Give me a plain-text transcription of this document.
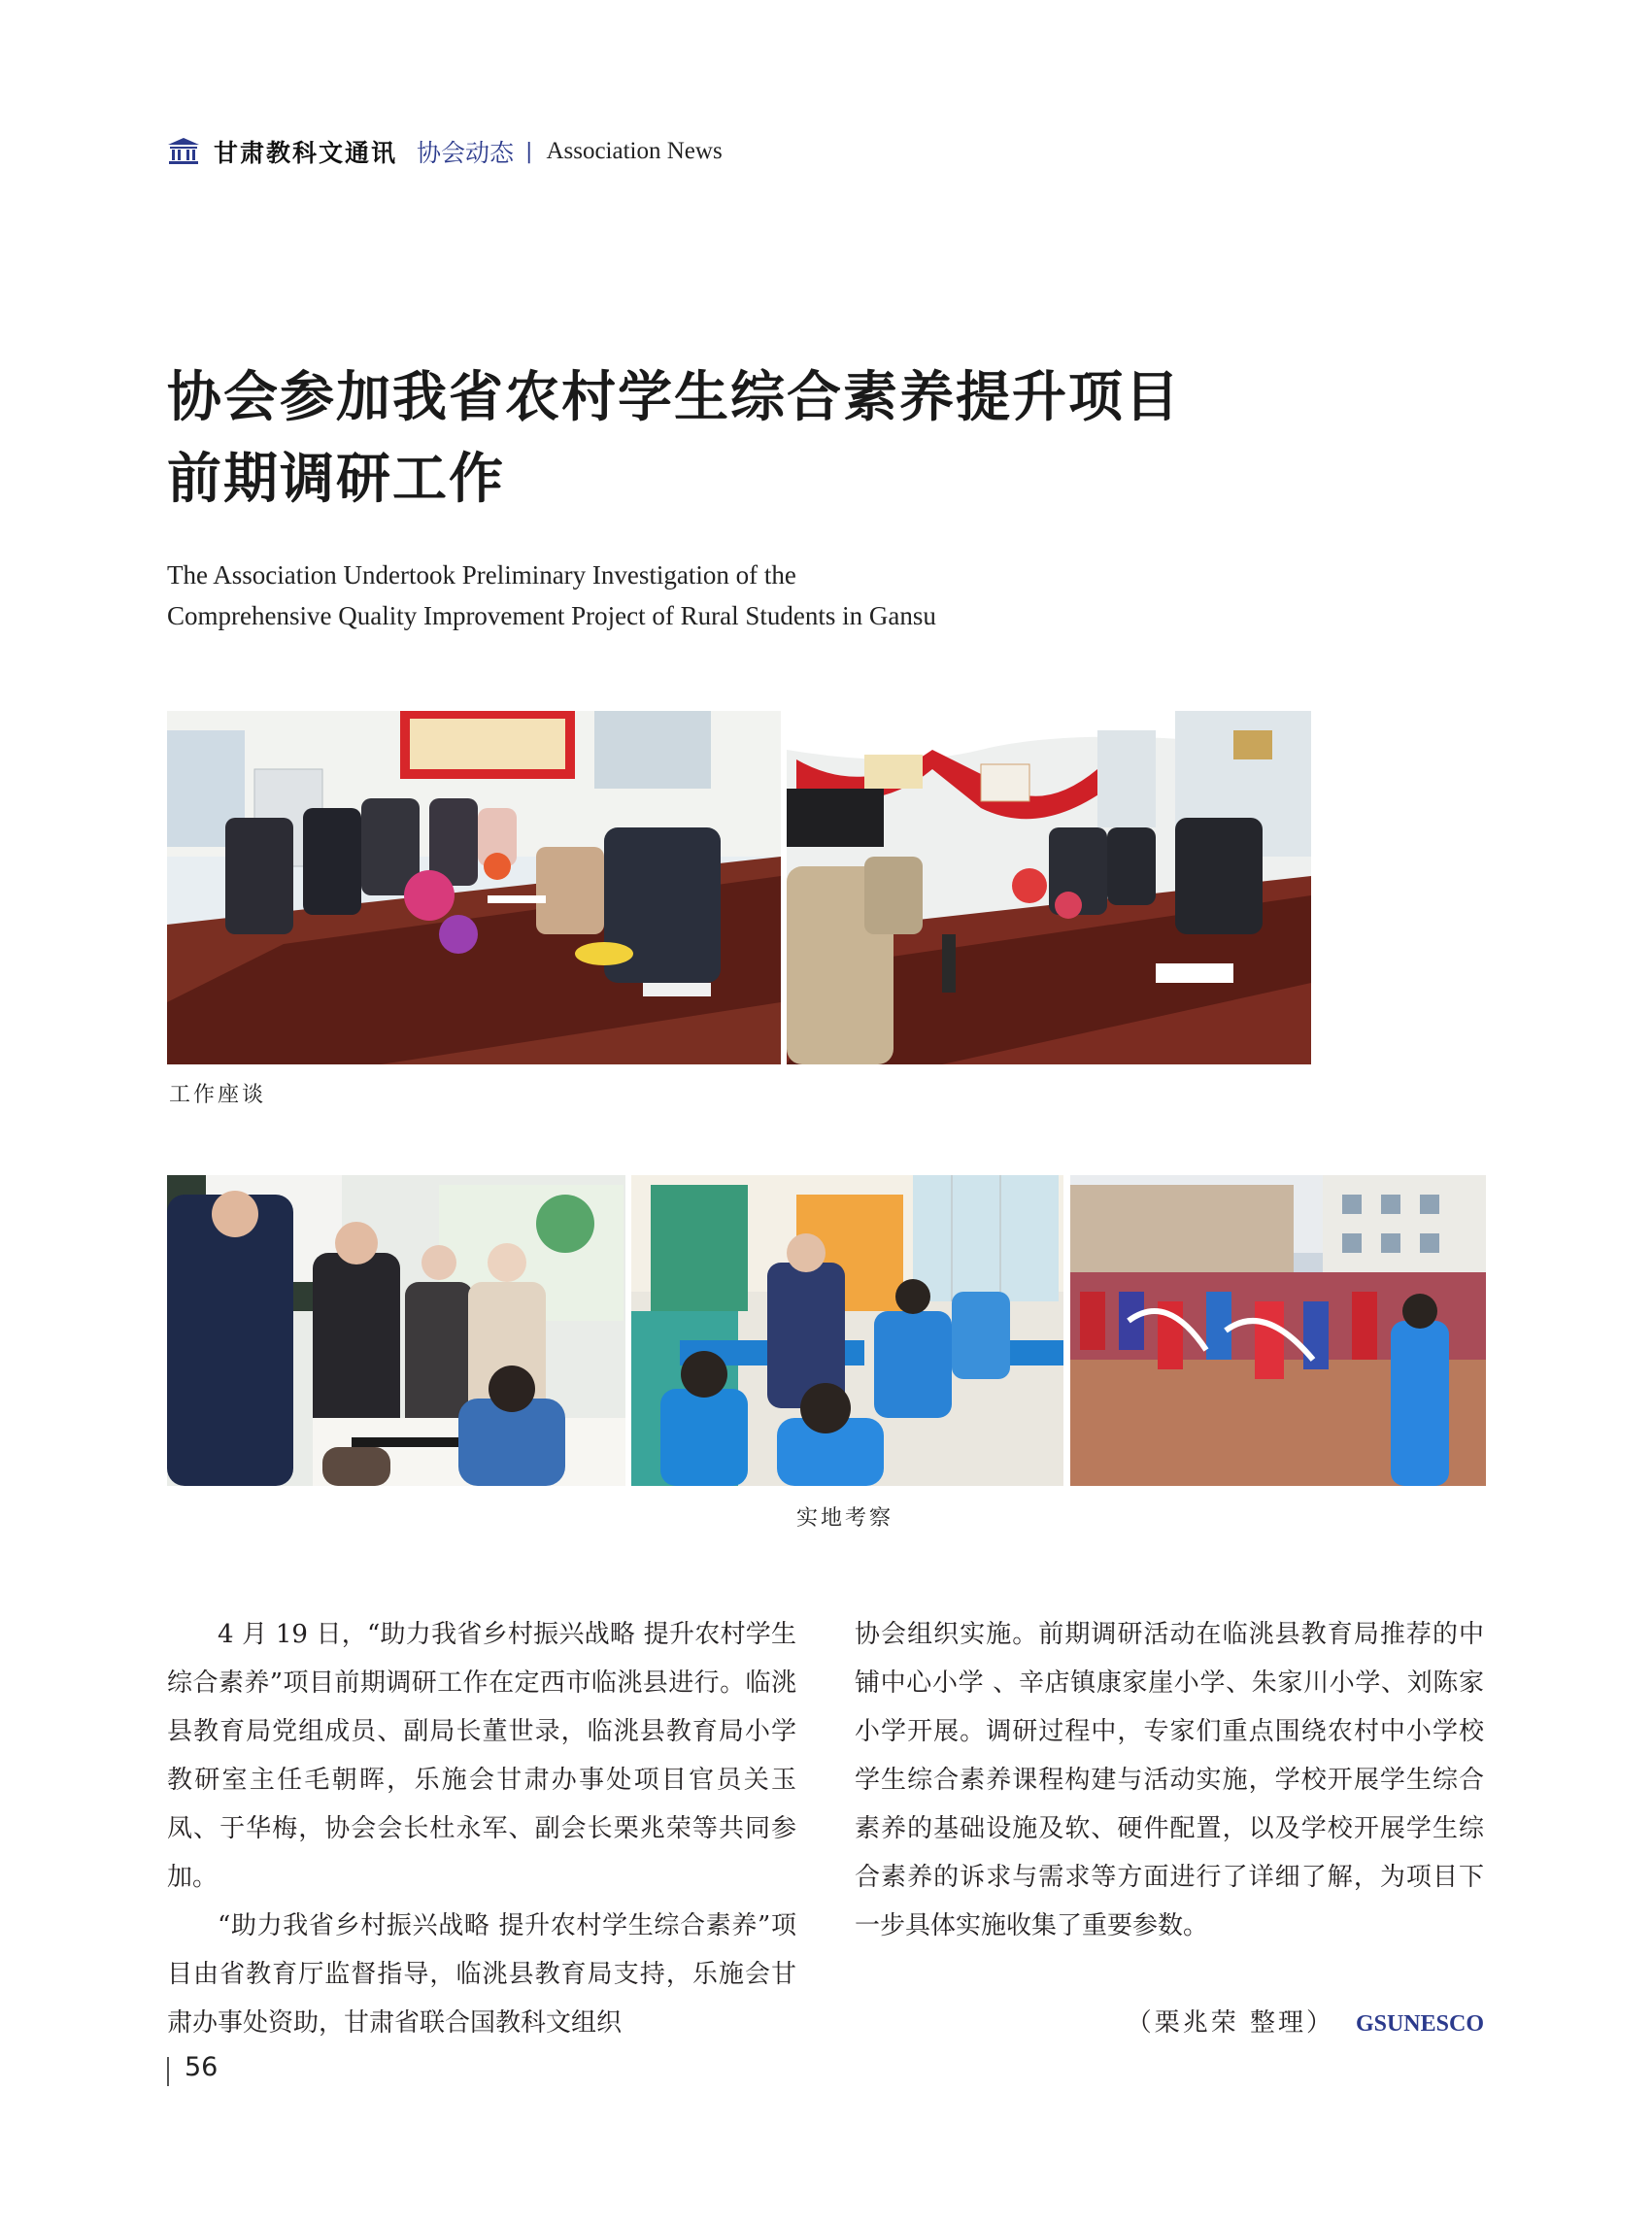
甘肃教科文通讯 协会动态 | Association News
协会参加我省农村学生综合素养提升项目
前期调研工作
The Association Undertook Preliminary Investigation of the
Comprehensive Quality Improvement Project of Rural Students in Gansu
工作座谈
实地考察

4 月 19 日，“助力我省乡村振兴战略 提升农村学生综合素养”项目前期调研工作在定西市临洮县进行。临洮县教育局党组成员、副局长董世录，临洮县教育局小学教研室主任毛朝晖，乐施会甘肃办事处项目官员关玉凤、于华梅，协会会长杜永军、副会长栗兆荣等共同参加。

“助力我省乡村振兴战略 提升农村学生综合素养”项目由省教育厅监督指导，临洮县教育局支持，乐施会甘肃办事处资助，甘肃省联合国教科文组织

协会组织实施。前期调研活动在临洮县教育局推荐的中铺中心小学 、辛店镇康家崖小学、朱家川小学、刘陈家小学开展。调研过程中，专家们重点围绕农村中小学校学生综合素养课程构建与活动实施，学校开展学生综合素养的基础设施及软、硬件配置，以及学校开展学生综合素养的诉求与需求等方面进行了详细了解，为项目下一步具体实施收集了重要参数。

（栗兆荣 整理） GSUNESCO
56
